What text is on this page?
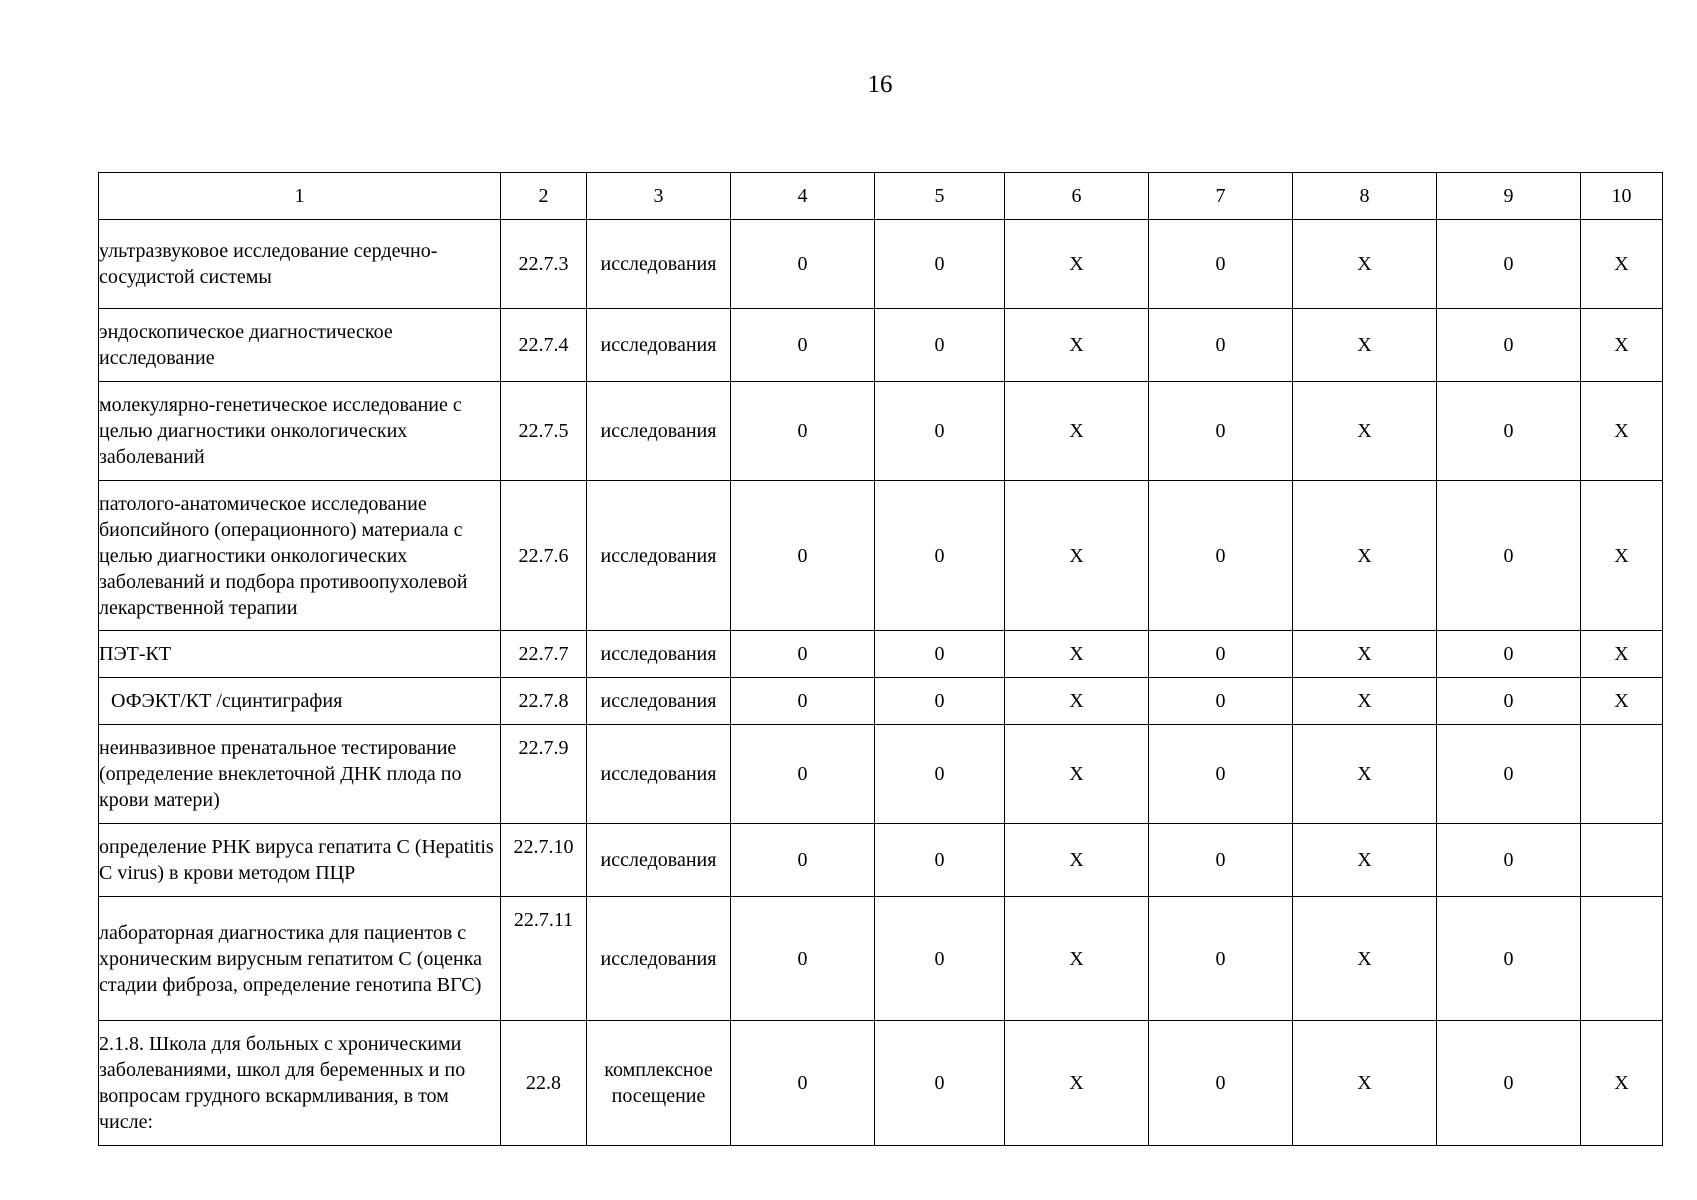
16
1	2	3	4	5	6	7	8	9	10
ультразвуковое исследование сердечно-сосудистой системы	22.7.3	исследования	0	0	Х	0	Х	0	Х
эндоскопическое диагностическое исследование	22.7.4	исследования	0	0	Х	0	Х	0	Х
молекулярно-генетическое исследование с целью диагностики онкологических заболеваний	22.7.5	исследования	0	0	Х	0	Х	0	Х
патолого-анатомическое исследование биопсийного (операционного) материала с целью диагностики онкологических заболеваний и подбора противоопухолевой лекарственной терапии	22.7.6	исследования	0	0	Х	0	Х	0	Х
ПЭТ-КТ	22.7.7	исследования	0	0	Х	0	Х	0	Х
ОФЭКТ/КТ /сцинтиграфия	22.7.8	исследования	0	0	Х	0	Х	0	Х
неинвазивное пренатальное тестирование (определение внеклеточной ДНК плода по крови матери)	22.7.9	исследования	0	0	Х	0	Х	0	
определение РНК вируса гепатита С (Hepatitis C virus) в крови методом ПЦР	22.7.10	исследования	0	0	Х	0	Х	0	
лабораторная диагностика для пациентов с хроническим вирусным гепатитом С (оценка стадии фиброза, определение генотипа ВГС)	22.7.11	исследования	0	0	Х	0	Х	0	
2.1.8. Школа для больных с хроническими заболеваниями, школ для беременных и по вопросам грудного вскармливания, в том числе:	22.8	комплексное посещение	0	0	Х	0	Х	0	Х
